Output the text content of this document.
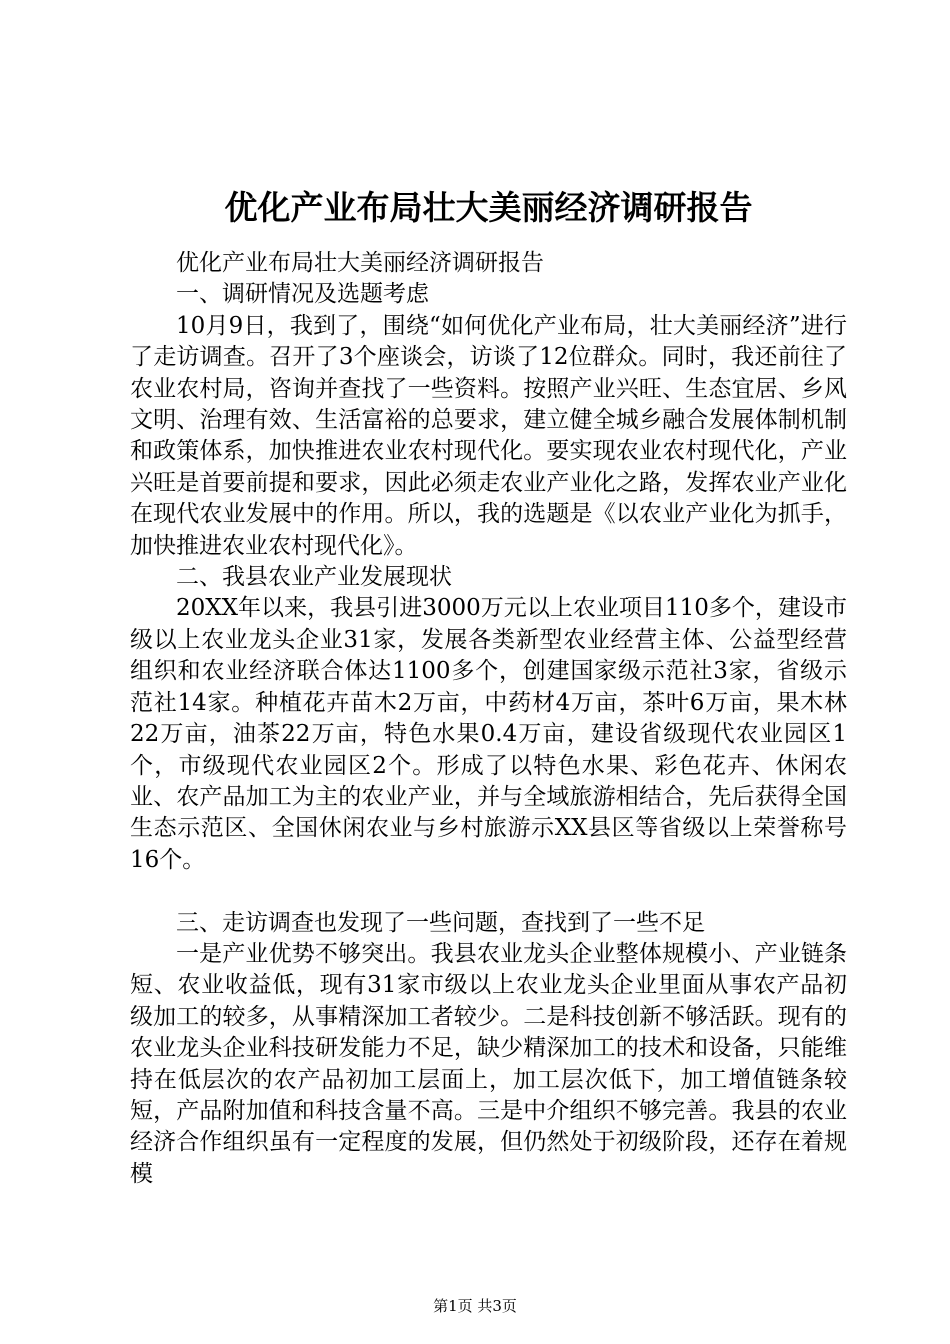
优化产业布局壮大美丽经济调研报告

优化产业布局壮大美丽经济调研报告

一、调研情况及选题考虑

10月9日，我到了，围绕“如何优化产业布局，壮大美丽经济”进行了走访调查。召开了3个座谈会，访谈了12位群众。同时，我还前往了农业农村局，咨询并查找了一些资料。按照产业兴旺、生态宜居、乡风文明、治理有效、生活富裕的总要求，建立健全城乡融合发展体制机制和政策体系，加快推进农业农村现代化。要实现农业农村现代化，产业兴旺是首要前提和要求，因此必须走农业产业化之路，发挥农业产业化在现代农业发展中的作用。所以，我的选题是《以农业产业化为抓手，加快推进农业农村现代化》。

二、我县农业产业发展现状

20XX年以来，我县引进3000万元以上农业项目110多个，建设市级以上农业龙头企业31家，发展各类新型农业经营主体、公益型经营组织和农业经济联合体达1100多个，创建国家级示范社3家，省级示范社14家。种植花卉苗木2万亩，中药材4万亩，茶叶6万亩，果木林22万亩，油茶22万亩，特色水果0.4万亩，建设省级现代农业园区1个，市级现代农业园区2个。形成了以特色水果、彩色花卉、休闲农业、农产品加工为主的农业产业，并与全域旅游相结合，先后获得全国生态示范区、全国休闲农业与乡村旅游示XX县区等省级以上荣誉称号16个。

三、走访调查也发现了一些问题，查找到了一些不足

一是产业优势不够突出。我县农业龙头企业整体规模小、产业链条短、农业收益低，现有31家市级以上农业龙头企业里面从事农产品初级加工的较多，从事精深加工者较少。二是科技创新不够活跃。现有的农业龙头企业科技研发能力不足，缺少精深加工的技术和设备，只能维持在低层次的农产品初加工层面上，加工层次低下，加工增值链条较短，产品附加值和科技含量不高。三是中介组织不够完善。我县的农业经济合作组织虽有一定程度的发展，但仍然处于初级阶段，还存在着规模

第1页 共3页
